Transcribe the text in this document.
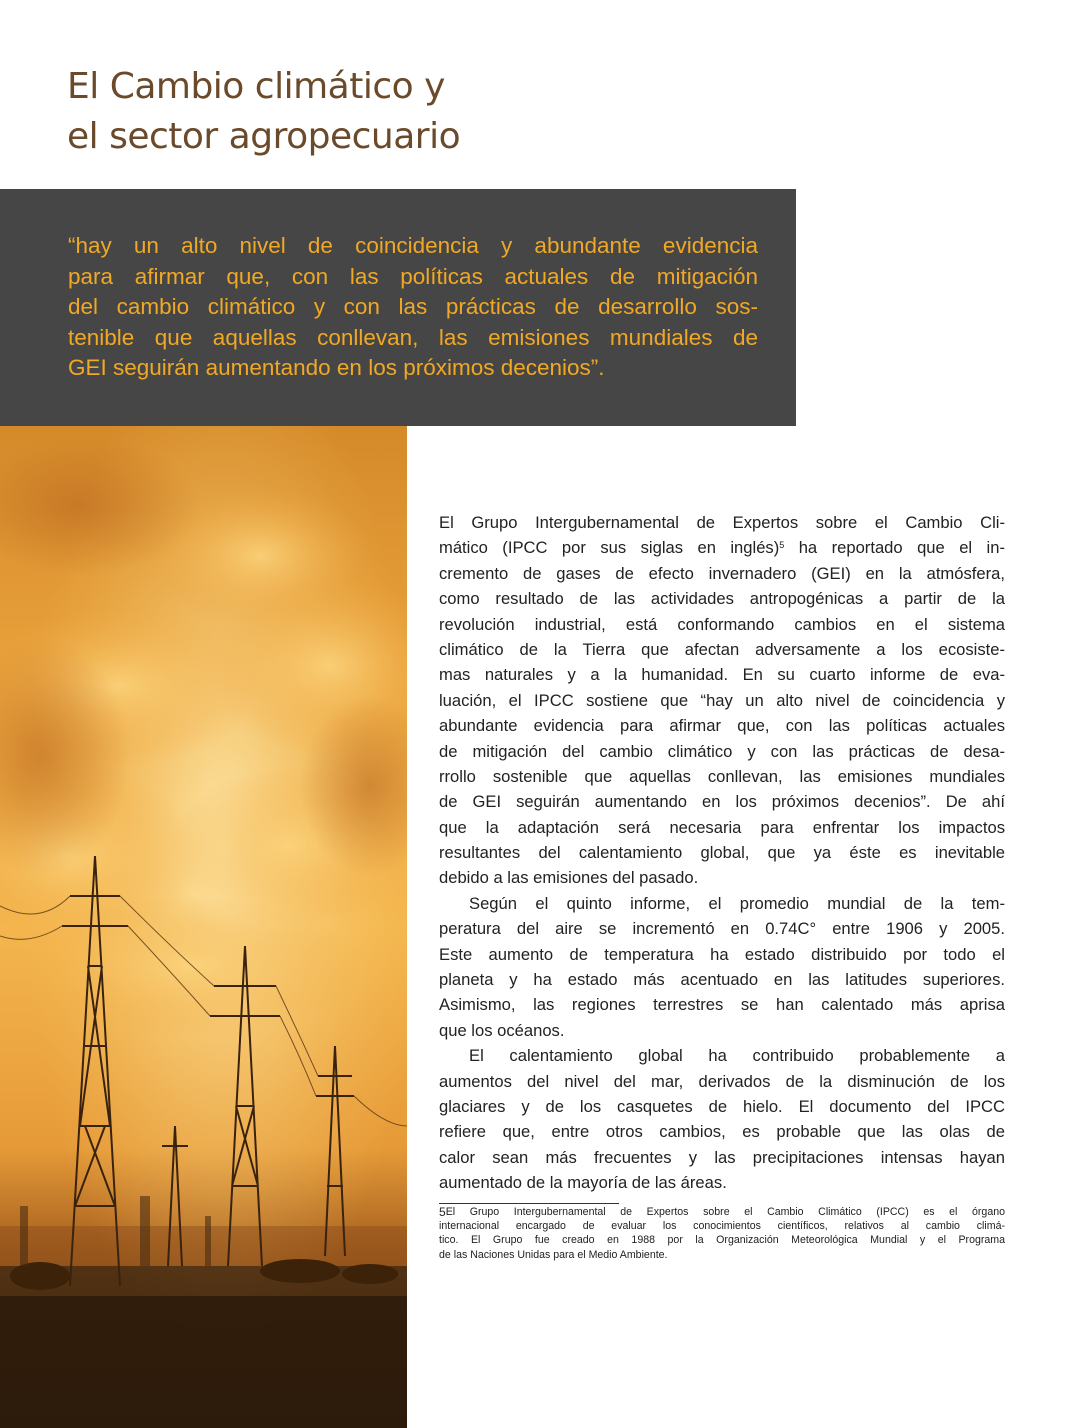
El Cambio climático y
el sector agropecuario

“hay un alto nivel de coincidencia y abundante evidencia
para afirmar que, con las políticas actuales de mitigación
del cambio climático y con las prácticas de desarrollo sos-
tenible que aquellas conllevan, las emisiones mundiales de
GEI seguirán aumentando en los próximos decenios”.

El Grupo Intergubernamental de Expertos sobre el Cambio Cli-
mático (IPCC por sus siglas en inglés)$^5$ ha reportado que el in-
cremento de gases de efecto invernadero (GEI) en la atmósfera,
como resultado de las actividades antropogénicas a partir de la
revolución industrial, está conformando cambios en el sistema
climático de la Tierra que afectan adversamente a los ecosiste-
mas naturales y a la humanidad. En su cuarto informe de eva-
luación, el IPCC sostiene que “hay un alto nivel de coincidencia y
abundante evidencia para afirmar que, con las políticas actuales
de mitigación del cambio climático y con las prácticas de desa-
rrollo sostenible que aquellas conllevan, las emisiones mundiales
de GEI seguirán aumentando en los próximos decenios”. De ahí
que la adaptación será necesaria para enfrentar los impactos
resultantes del calentamiento global, que ya éste es inevitable
debido a las emisiones del pasado.
Según el quinto informe, el promedio mundial de la tem-
peratura del aire se incrementó en 0.74C° entre 1906 y 2005.
Este aumento de temperatura ha estado distribuido por todo el
planeta y ha estado más acentuado en las latitudes superiores.
Asimismo, las regiones terrestres se han calentado más aprisa
que los océanos.
El calentamiento global ha contribuido probablemente a
aumentos del nivel del mar, derivados de la disminución de los
glaciares y de los casquetes de hielo. El documento del IPCC
refiere que, entre otros cambios, es probable que las olas de
calor sean más frecuentes y las precipitaciones intensas hayan
aumentado de la mayoría de las áreas.
5El Grupo Intergubernamental de Expertos sobre el Cambio Climático (IPCC) es el órgano
internacional encargado de evaluar los conocimientos científicos, relativos al cambio climá-
tico. El Grupo fue creado en 1988 por la Organización Meteorológica Mundial y el Programa
de las Naciones Unidas para el Medio Ambiente.
